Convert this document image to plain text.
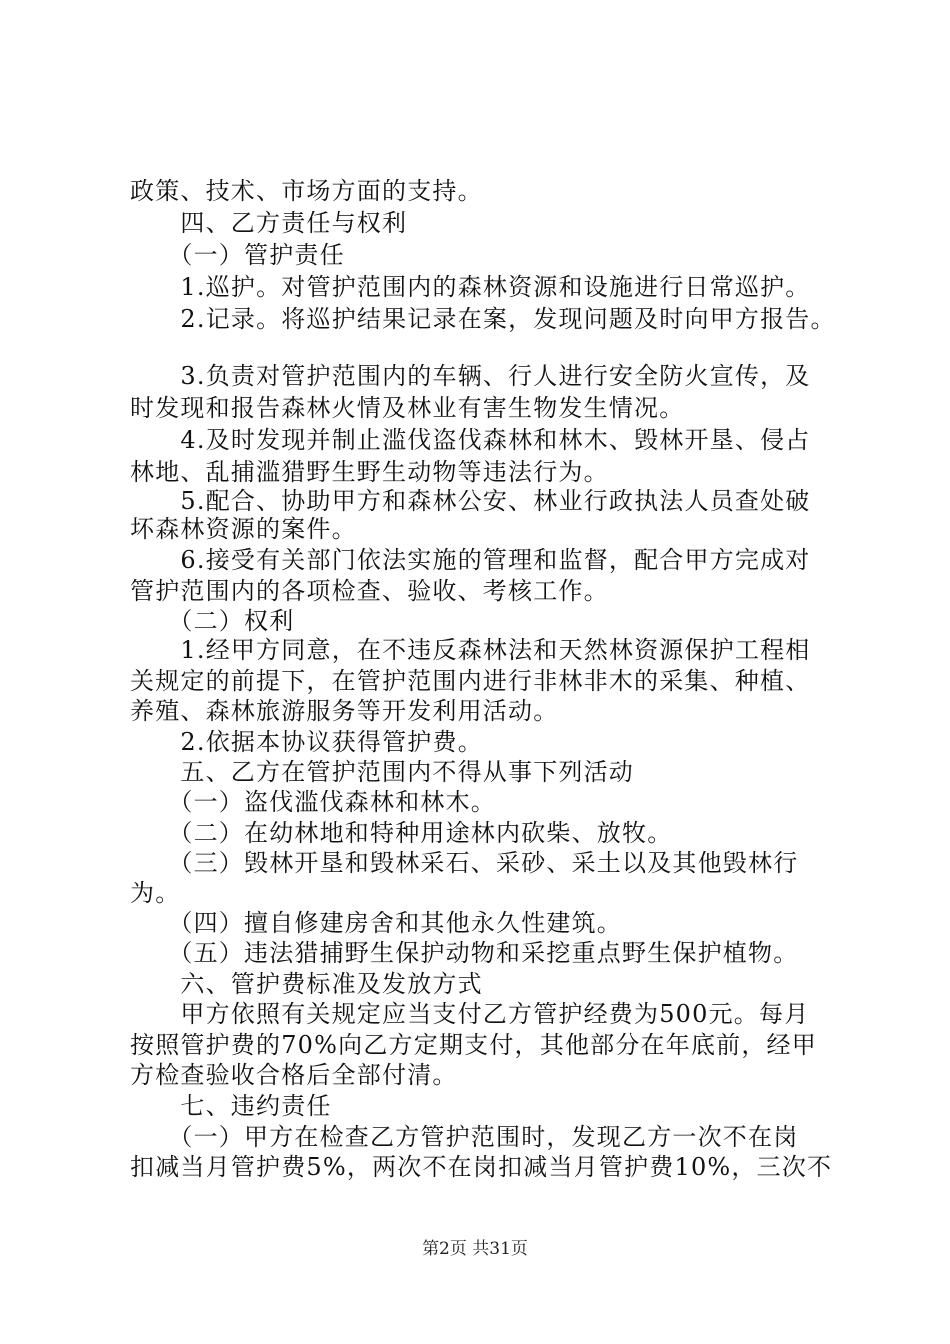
政策、技术、市场方面的支持。
　　四、乙方责任与权利
　　（一）管护责任
　　1.巡护。对管护范围内的森林资源和设施进行日常巡护。
　　2.记录。将巡护结果记录在案，发现问题及时向甲方报告。
　　3.负责对管护范围内的车辆、行人进行安全防火宣传，及
时发现和报告森林火情及林业有害生物发生情况。
　　4.及时发现并制止滥伐盗伐森林和林木、毁林开垦、侵占
林地、乱捕滥猎野生野生动物等违法行为。
　　5.配合、协助甲方和森林公安、林业行政执法人员查处破
坏森林资源的案件。
　　6.接受有关部门依法实施的管理和监督，配合甲方完成对
管护范围内的各项检查、验收、考核工作。
　　（二）权利
　　1.经甲方同意，在不违反森林法和天然林资源保护工程相
关规定的前提下，在管护范围内进行非林非木的采集、种植、
养殖、森林旅游服务等开发利用活动。
　　2.依据本协议获得管护费。
　　五、乙方在管护范围内不得从事下列活动
　　（一）盗伐滥伐森林和林木。
　　（二）在幼林地和特种用途林内砍柴、放牧。
　　（三）毁林开垦和毁林采石、采砂、采土以及其他毁林行
为。
　　（四）擅自修建房舍和其他永久性建筑。
　　（五）违法猎捕野生保护动物和采挖重点野生保护植物。
　　六、管护费标准及发放方式
　　甲方依照有关规定应当支付乙方管护经费为500元。每月
按照管护费的70%向乙方定期支付，其他部分在年底前，经甲
方检查验收合格后全部付清。
　　七、违约责任
　　（一）甲方在检查乙方管护范围时，发现乙方一次不在岗
扣减当月管护费5%，两次不在岗扣减当月管护费10%，三次不
第2页 共31页
